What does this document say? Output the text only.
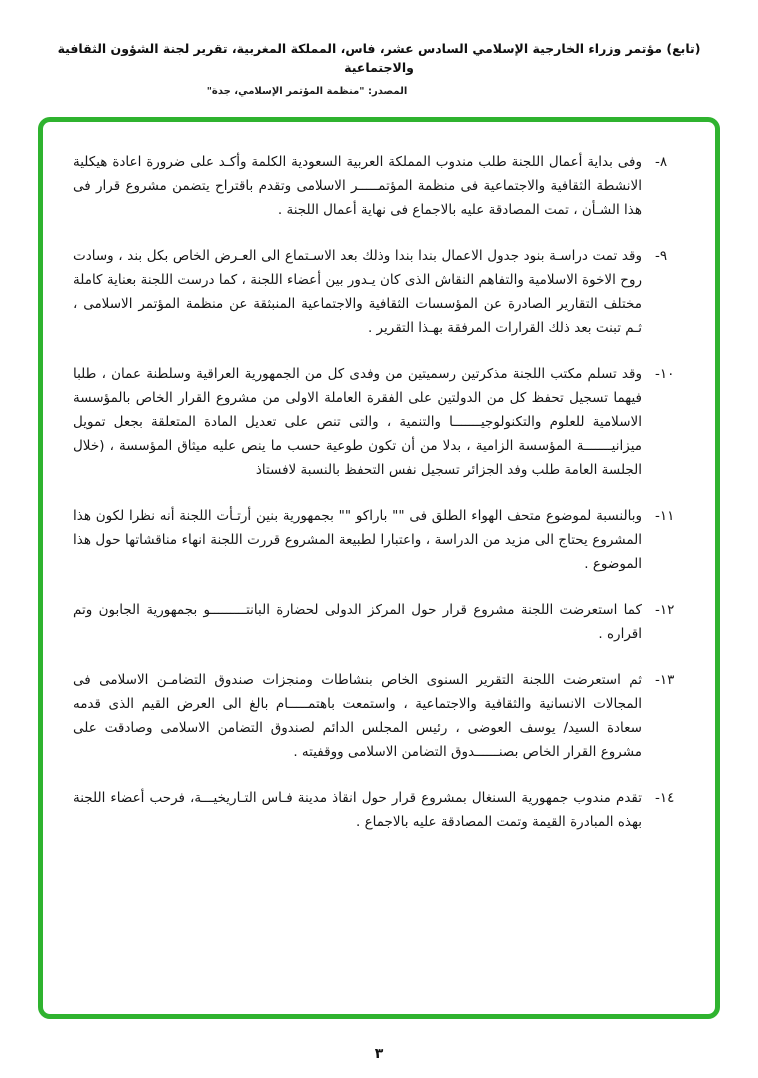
(تابع) مؤتمر وزراء الخارجية الإسلامي السادس عشر، فاس، المملكة المغربية، تقرير لجنة الشؤون الثقافية والاجتماعية
المصدر: "منظمة المؤتمر الإسلامي، جدة"
٨-
وفى بداية أعمال اللجنة طلب مندوب المملكة العربية السعودية الكلمة وأكـد على ضرورة اعادة هيكلية الانشطة الثقافية والاجتماعية فى منظمة المؤتمـــــر الاسلامى وتقدم باقتراح يتضمن مشروع قرار فى هذا الشـأن ، تمت المصادقة عليه بالاجماع فى نهاية أعمال اللجنة .
٩-
وقد تمت دراسـة بنود جدول الاعمال بندا بندا وذلك بعد الاسـتماع الى العـرض الخاص بكل بند ، وسادت روح الاخوة الاسلامية والتفاهم النقاش الذى كان يـدور بين أعضاء اللجنة ، كما درست اللجنة بعناية كاملة مختلف التقارير الصادرة عن المؤسسات الثقافية والاجتماعية المنبثقة عن منظمة المؤتمر الاسلامى ، ثـم تبنت بعد ذلك القرارات المرفقة بهـذا التقرير .
١٠-
وقد تسلم مكتب اللجنة مذكرتين رسميتين من وفدى كل من الجمهورية العراقية وسلطنة عمان ، طلبا فيهما تسجيل تحفظ كل من الدولتين على الفقرة العاملة الاولى من مشروع القرار الخاص بالمؤسسة الاسلامية للعلوم والتكنولوجيـــــــا والتنمية ، والتى تنص على تعديل المادة المتعلقة بجعل تمويل ميزانيـــــــة المؤسسة الزامية ، بدلا من أن تكون طوعية حسب ما ينص عليه ميثاق المؤسسة ، (خلال الجلسة العامة طلب وفد الجزائر تسجيل نفس التحفظ بالنسبة لافستاذ
١١-
وبالنسبة لموضوع متحف الهواء الطلق فى "" باراكو "" بجمهورية بنين أرتـأت اللجنة أنه نظرا لكون هذا المشروع يحتاج الى مزيد من الدراسة ، واعتبارا لطبيعة المشروع قررت اللجنة انهاء مناقشاتها حول هذا الموضوع .
١٢-
كما استعرضت اللجنة مشروع قرار حول المركز الدولى لحضارة البانتـــــــــو بجمهورية الجابون وتم اقراره .
١٣-
ثم استعرضت اللجنة التقرير السنوى الخاص بنشاطات ومنجزات صندوق التضامـن الاسلامى فى المجالات الانسانية والثقافية والاجتماعية ، واستمعت باهتمـــــام بالغ الى العرض القيم الذى قدمه سعادة السيد/ يوسف العوضى ، رئيس المجلس الدائم لصندوق التضامن الاسلامى وصادقت على مشروع القرار الخاص بصنــــــدوق التضامن الاسلامى ووقفيته .
١٤-
تقدم مندوب جمهورية السنغال بمشروع قرار حول انقاذ مدينة فـاس التـاريخيـــة، فرحب أعضاء اللجنة بهذه المبادرة القيمة وتمت المصادقة عليه بالاجماع .
٣
